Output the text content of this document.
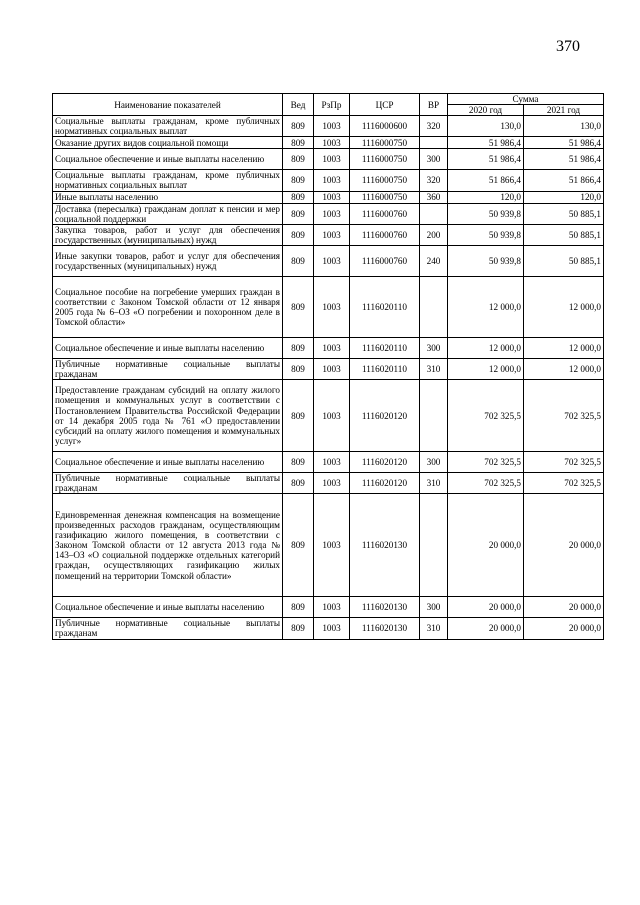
370
Наименование показателей	Вед	РзПр	ЦСР	ВР	Сумма	
					2020 год	2021 год
Социальные выплаты гражданам, кроме публичных нормативных социальных выплат	809	1003	1116000600	320	130,0	130,0
Оказание других видов социальной помощи	809	1003	1116000750		51 986,4	51 986,4
Социальное обеспечение и иные выплаты населению	809	1003	1116000750	300	51 986,4	51 986,4
Социальные выплаты гражданам, кроме публичных нормативных социальных выплат	809	1003	1116000750	320	51 866,4	51 866,4
Иные выплаты населению	809	1003	1116000750	360	120,0	120,0
Доставка (пересылка) гражданам доплат к пенсии и мер социальной поддержки	809	1003	1116000760		50 939,8	50 885,1
Закупка товаров, работ и услуг для обеспечения государственных (муниципальных) нужд	809	1003	1116000760	200	50 939,8	50 885,1
Иные закупки товаров, работ и услуг для обеспечения государственных (муниципальных) нужд	809	1003	1116000760	240	50 939,8	50 885,1
Социальное пособие на погребение умерших граждан в соответствии с Законом Томской области от 12 января 2005 года № 6–ОЗ «О погребении и похоронном деле в Томской области»	809	1003	1116020110		12 000,0	12 000,0
Социальное обеспечение и иные выплаты населению	809	1003	1116020110	300	12 000,0	12 000,0
Публичные нормативные социальные выплаты гражданам	809	1003	1116020110	310	12 000,0	12 000,0
Предоставление гражданам субсидий на оплату жилого помещения и коммунальных услуг в соответствии с Постановлением Правительства Российской Федерации от 14 декабря 2005 года № 761 «О предоставлении субсидий на оплату жилого помещения и коммунальных услуг»	809	1003	1116020120		702 325,5	702 325,5
Социальное обеспечение и иные выплаты населению	809	1003	1116020120	300	702 325,5	702 325,5
Публичные нормативные социальные выплаты гражданам	809	1003	1116020120	310	702 325,5	702 325,5
Единовременная денежная компенсация на возмещение произведенных расходов гражданам, осуществляющим газификацию жилого помещения, в соответствии с Законом Томской области от 12 августа 2013 года № 143–ОЗ «О социальной поддержке отдельных категорий граждан, осуществляющих газификацию жилых помещений на территории Томской области»	809	1003	1116020130		20 000,0	20 000,0
Социальное обеспечение и иные выплаты населению	809	1003	1116020130	300	20 000,0	20 000,0
Публичные нормативные социальные выплаты гражданам	809	1003	1116020130	310	20 000,0	20 000,0
